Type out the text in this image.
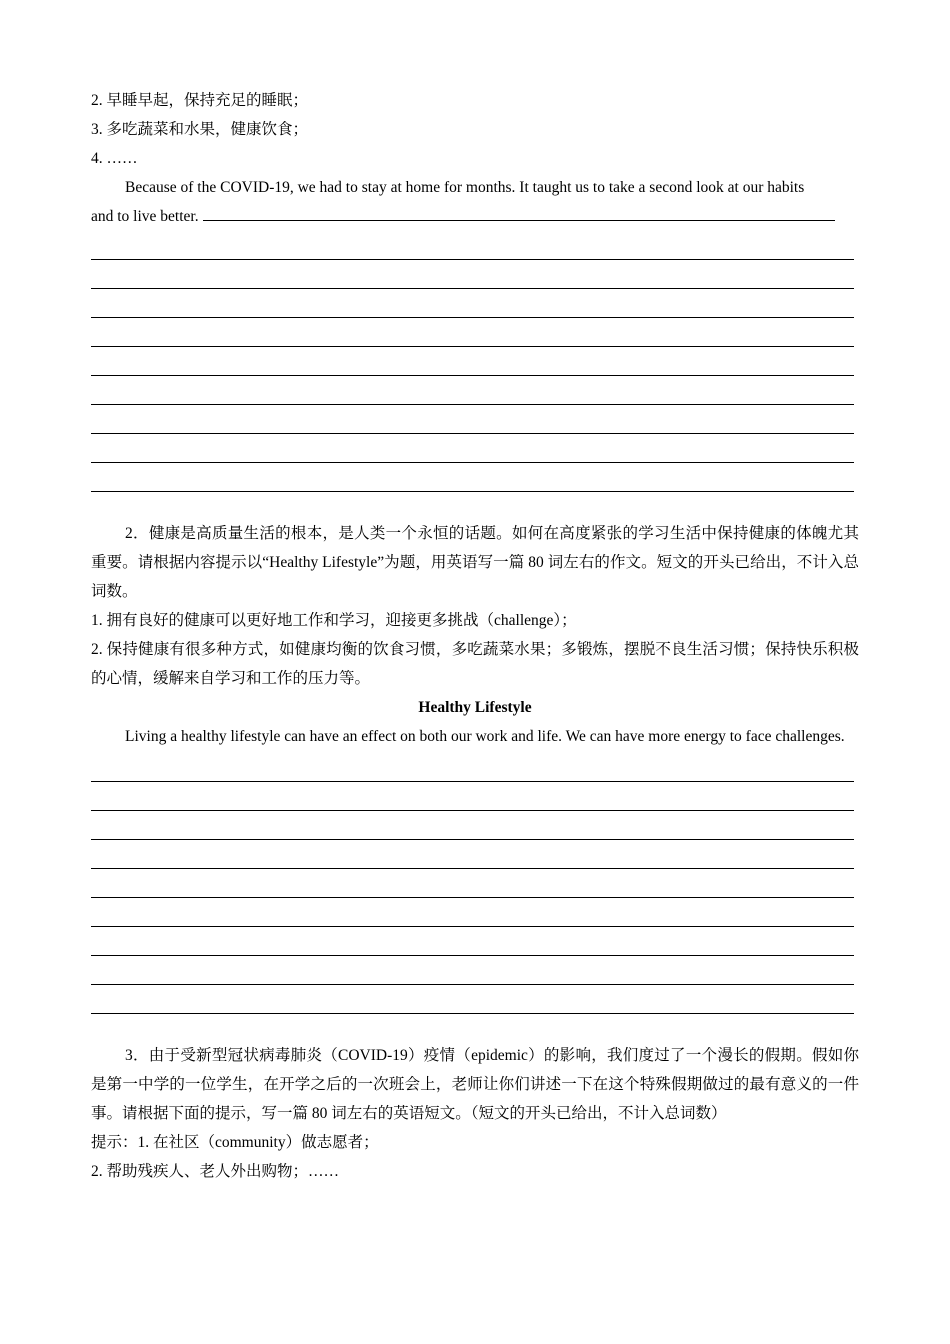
2. 早睡早起，保持充足的睡眠；
3. 多吃蔬菜和水果，健康饮食；
4. ……
Because of the COVID-19, we had to stay at home for months. It taught us to take a second look at our habits
and to live better.
2．健康是高质量生活的根本，是人类一个永恒的话题。如何在高度紧张的学习生活中保持健康的体魄尤其重要。请根据内容提示以“Healthy Lifestyle”为题，用英语写一篇 80 词左右的作文。短文的开头已给出，不计入总词数。
1. 拥有良好的健康可以更好地工作和学习，迎接更多挑战（challenge）；
2. 保持健康有很多种方式，如健康均衡的饮食习惯，多吃蔬菜水果；多锻炼，摆脱不良生活习惯；保持快乐积极的心情，缓解来自学习和工作的压力等。
Healthy Lifestyle
Living a healthy lifestyle can have an effect on both our work and life. We can have more energy to face challenges.
3．由于受新型冠状病毒肺炎（COVID-19）疫情（epidemic）的影响，我们度过了一个漫长的假期。假如你是第一中学的一位学生，在开学之后的一次班会上，老师让你们讲述一下在这个特殊假期做过的最有意义的一件事。请根据下面的提示，写一篇 80 词左右的英语短文。（短文的开头已给出，不计入总词数）
提示：1. 在社区（community）做志愿者；
2. 帮助残疾人、老人外出购物；……
